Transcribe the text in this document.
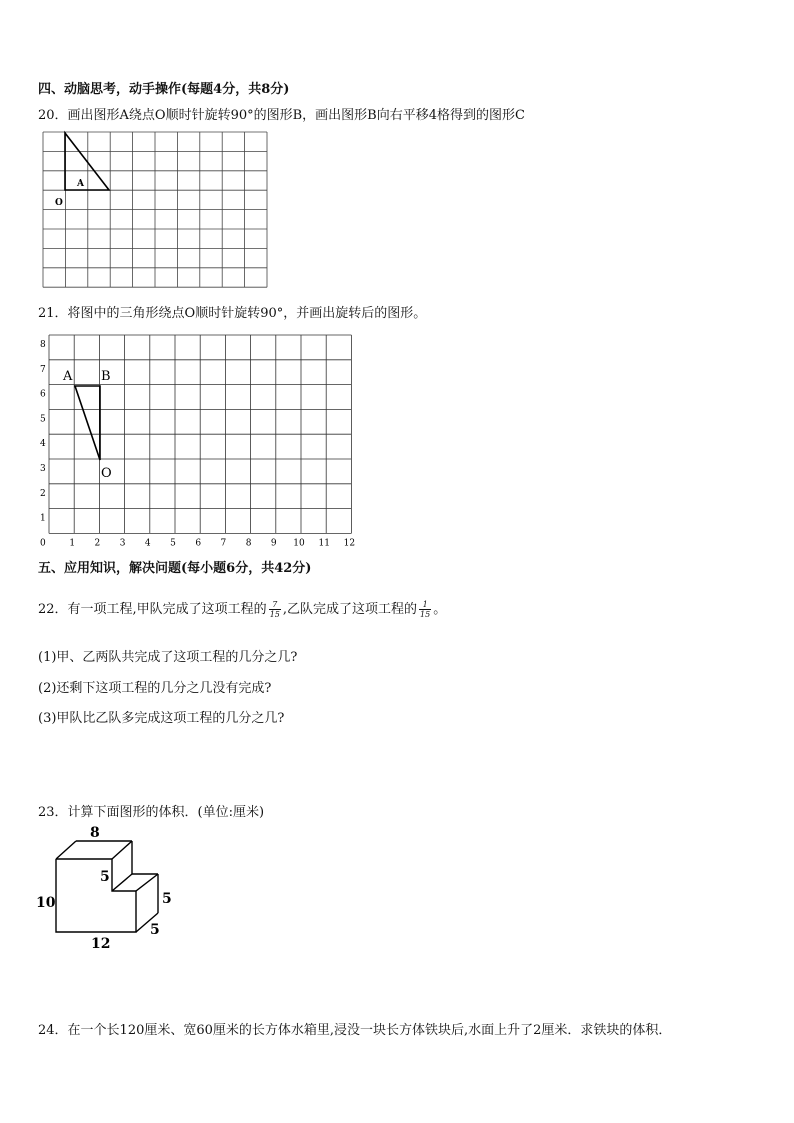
四、动脑思考，动手操作(每题4分，共8分)
20．画出图形A绕点O顺时针旋转90°的图形B，画出图形B向右平移4格得到的图形C
A
O
21．将图中的三角形绕点O顺时针旋转90°，并画出旋转后的图形。
8
7
6
5
4
3
2
1
0	1 2 3 4 5 6 7 8 9 10 11 12
A B
O
五、应用知识，解决问题(每小题6分，共42分)
22．有一项工程,甲队完成了这项工程的 $\frac{7}{15}$ ,乙队完成了这项工程的 $\frac{1}{15}$ 。
(1)甲、乙两队共完成了这项工程的几分之几?
(2)还剩下这项工程的几分之几没有完成?
(3)甲队比乙队多完成这项工程的几分之几?
23．计算下面图形的体积．(单位:厘米)
8
10
12
5
5
5
24．在一个长120厘米、宽60厘米的长方体水箱里,浸没一块长方体铁块后,水面上升了2厘米．求铁块的体积．
